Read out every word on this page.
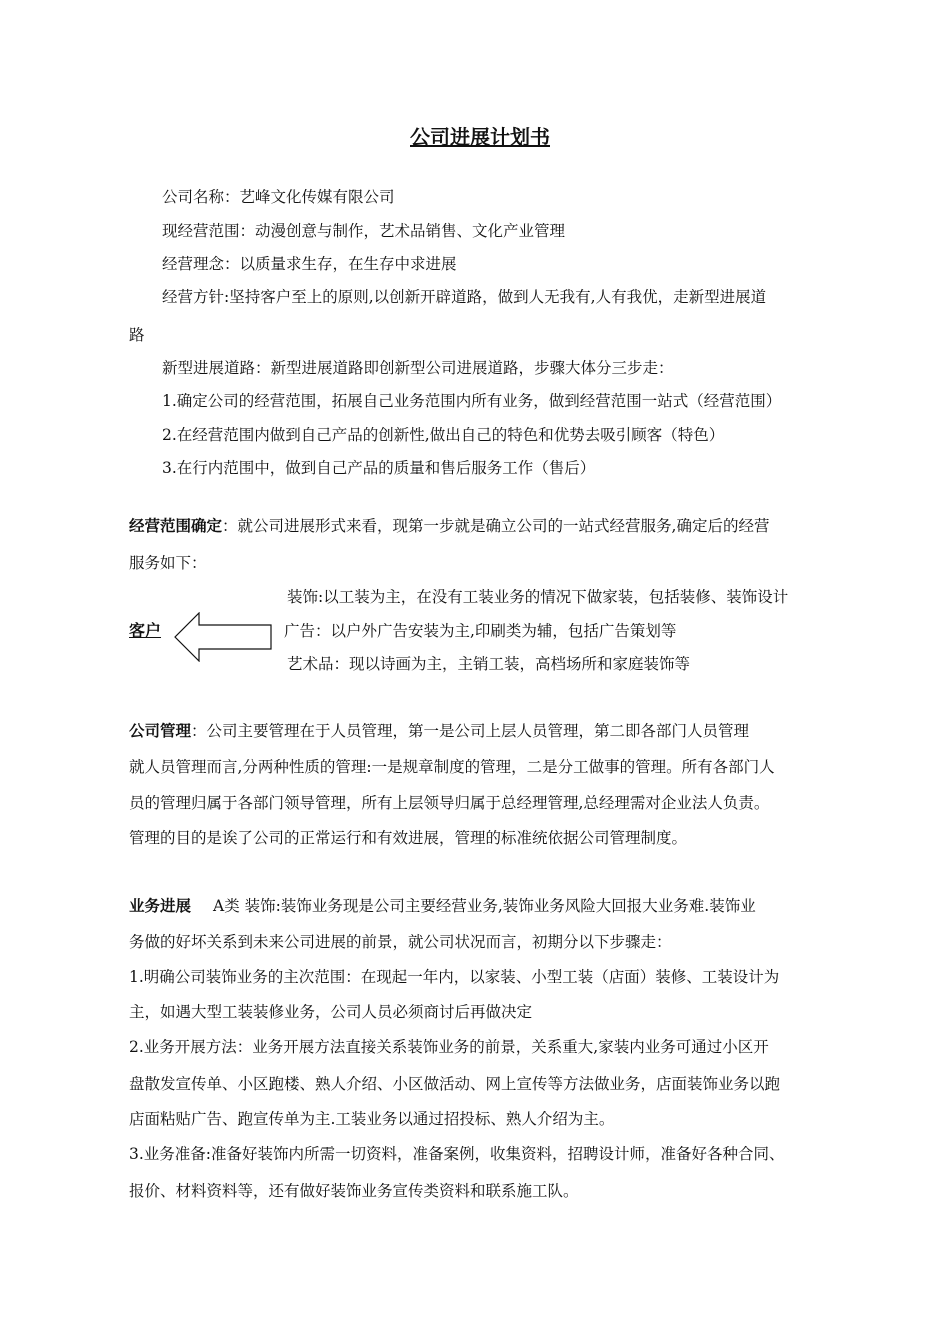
公司进展计划书
公司名称：艺峰文化传媒有限公司
现经营范围：动漫创意与制作，艺术品销售、文化产业管理
经营理念：以质量求生存，在生存中求进展
经营方针:坚持客户至上的原则,以创新开辟道路，做到人无我有,人有我优，走新型进展道
路
新型进展道路：新型进展道路即创新型公司进展道路，步骤大体分三步走：
1.确定公司的经营范围，拓展自己业务范围内所有业务，做到经营范围一站式（经营范围）
2.在经营范围内做到自己产品的创新性,做出自己的特色和优势去吸引顾客（特色）
3.在行内范围中，做到自己产品的质量和售后服务工作（售后）
经营范围确定：就公司进展形式来看，现第一步就是确立公司的一站式经营服务,确定后的经营
服务如下：
装饰:以工装为主，在没有工装业务的情况下做家装，包括装修、装饰设计
客户	广告：以户外广告安装为主,印刷类为辅，包括广告策划等
艺术品：现以诗画为主，主销工装，高档场所和家庭装饰等
公司管理：公司主要管理在于人员管理，第一是公司上层人员管理，第二即各部门人员管理
就人员管理而言,分两种性质的管理:一是规章制度的管理，二是分工做事的管理。所有各部门人
员的管理归属于各部门领导管理，所有上层领导归属于总经理管理,总经理需对企业法人负责。
管理的目的是诶了公司的正常运行和有效进展，管理的标准统依据公司管理制度。
业务进展 A类 装饰:装饰业务现是公司主要经营业务,装饰业务风险大回报大业务难.装饰业
务做的好坏关系到未来公司进展的前景，就公司状况而言，初期分以下步骤走：
1.明确公司装饰业务的主次范围：在现起一年内，以家装、小型工装（店面）装修、工装设计为
主，如遇大型工装装修业务，公司人员必须商讨后再做决定
2.业务开展方法：业务开展方法直接关系装饰业务的前景，关系重大,家装内业务可通过小区开
盘散发宣传单、小区跑楼、熟人介绍、小区做活动、网上宣传等方法做业务，店面装饰业务以跑
店面粘贴广告、跑宣传单为主.工装业务以通过招投标、熟人介绍为主。
3.业务准备:准备好装饰内所需一切资料，准备案例，收集资料，招聘设计师，准备好各种合同、
报价、材料资料等，还有做好装饰业务宣传类资料和联系施工队。
